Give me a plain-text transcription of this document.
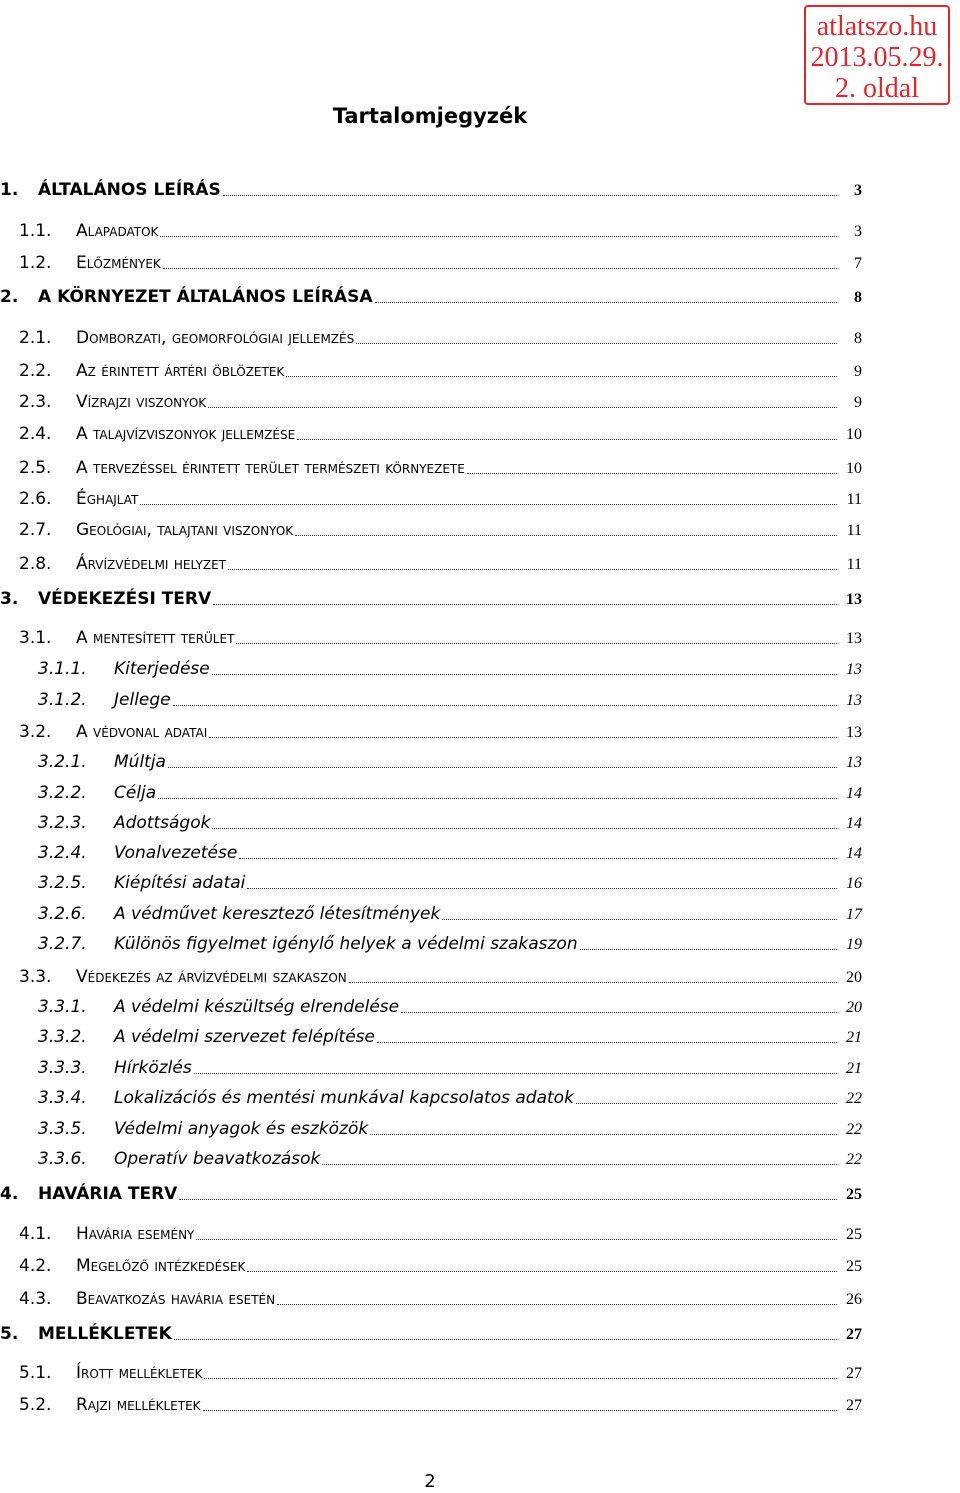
atlatszo.hu
2013.05.29.
2. oldal
Tartalomjegyzék
1. ÁLTALÁNOS LEÍRÁS	3
1.1. Alapadatok	3
1.2. Előzmények	7
2. A KÖRNYEZET ÁLTALÁNOS LEÍRÁSA	8
2.1. Domborzati, geomorfológiai jellemzés	8
2.2. Az érintett ártéri öblözetek	9
2.3. Vízrajzi viszonyok	9
2.4. A talajvízviszonyok jellemzése	10
2.5. A tervezéssel érintett terület természeti környezete	10
2.6. Éghajlat	11
2.7. Geológiai, talajtani viszonyok	11
2.8. Árvízvédelmi helyzet	11
3. VÉDEKEZÉSI TERV	13
3.1. A mentesített terület	13
3.1.1. Kiterjedése	13
3.1.2. Jellege	13
3.2. A védvonal adatai	13
3.2.1. Múltja	13
3.2.2. Célja	14
3.2.3. Adottságok	14
3.2.4. Vonalvezetése	14
3.2.5. Kiépítési adatai	16
3.2.6. A védművet keresztező létesítmények	17
3.2.7. Különös figyelmet igénylő helyek a védelmi szakaszon	19
3.3. Védekezés az árvízvédelmi szakaszon	20
3.3.1. A védelmi készültség elrendelése	20
3.3.2. A védelmi szervezet felépítése	21
3.3.3. Hírközlés	21
3.3.4. Lokalizációs és mentési munkával kapcsolatos adatok	22
3.3.5. Védelmi anyagok és eszközök	22
3.3.6. Operatív beavatkozások	22
4. HAVÁRIA TERV	25
4.1. Havária esemény	25
4.2. Megelőző intézkedések	25
4.3. Beavatkozás havária esetén	26
5. MELLÉKLETEK	27
5.1. Írott mellékletek	27
5.2. Rajzi mellékletek	27
2
